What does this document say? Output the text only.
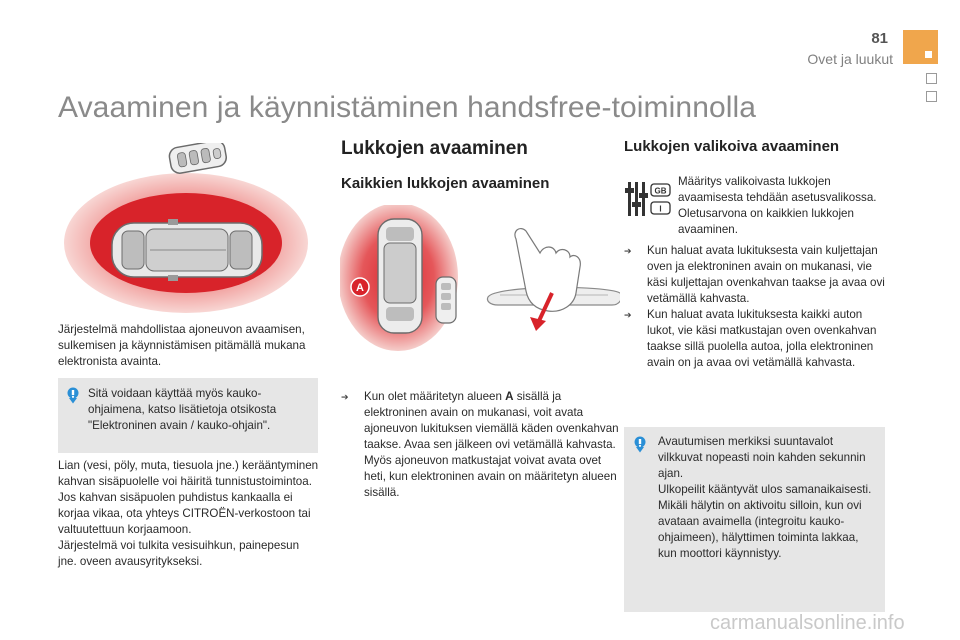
81
Ovet ja luukut
Avaaminen ja käynnistäminen handsfree-toiminnolla
Järjestelmä mahdollistaa ajoneuvon avaamisen, sulkemisen ja käynnistämisen pitämällä mukana elektronista avainta.
Sitä voidaan käyttää myös kauko-ohjaimena, katso lisätietoja otsikosta "Elektroninen avain / kauko-ohjain".
Lian (vesi, pöly, muta, tiesuola jne.) kerääntyminen kahvan sisäpuolelle voi häiritä tunnistustoimintoa.
Jos kahvan sisäpuolen puhdistus kankaalla ei korjaa vikaa, ota yhteys CITROËN-verkostoon tai valtuutettuun korjaamoon.
Järjestelmä voi tulkita vesisuihkun, painepesun jne. oveen avausyritykseksi.
Lukkojen avaaminen
Kaikkien lukkojen avaaminen
A
➔ Kun olet määritetyn alueen A sisällä ja elektroninen avain on mukanasi, voit avata ajoneuvon lukituksen viemällä käden ovenkahvan taakse. Avaa sen jälkeen ovi vetämällä kahvasta.
Myös ajoneuvon matkustajat voivat avata ovet heti, kun elektroninen avain on määritetyn alueen sisällä.
Lukkojen valikoiva avaaminen
GB
I
Määritys valikoivasta lukkojen avaamisesta tehdään asetusvalikossa. Oletusarvona on kaikkien lukkojen avaaminen.
➔ Kun haluat avata lukituksesta vain kuljettajan oven ja elektroninen avain on mukanasi, vie käsi kuljettajan ovenkahvan taakse ja avaa ovi vetämällä kahvasta.
➔ Kun haluat avata lukituksesta kaikki auton lukot, vie käsi matkustajan oven ovenkahvan taakse sillä puolella autoa, jolla elektroninen avain on ja avaa ovi vetämällä kahvasta.
Avautumisen merkiksi suuntavalot vilkkuvat nopeasti noin kahden sekunnin ajan.
Ulkopeilit kääntyvät ulos samanaikaisesti. Mikäli hälytin on aktivoitu silloin, kun ovi avataan avaimella (integroitu kauko-ohjaimeen), hälyttimen toiminta lakkaa, kun moottori käynnistyy.
carmanualsonline.info
